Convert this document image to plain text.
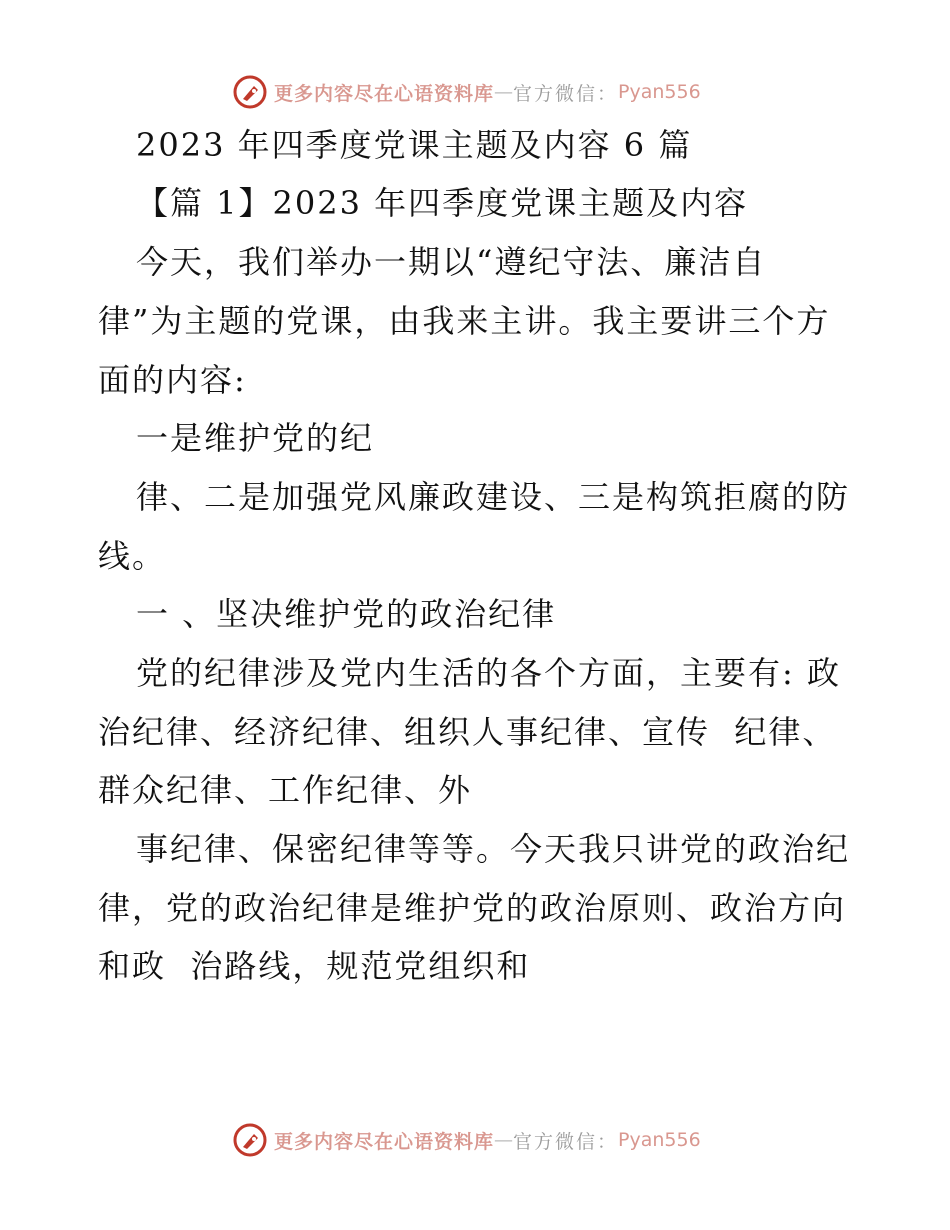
更多内容尽在心语资料库 — 官方微信： Pyan556
2023 年四季度党课主题及内容 6 篇
【篇 1】2023 年四季度党课主题及内容
今天，我们举办一期以“遵纪守法、廉洁自
律”为主题的党课，由我来主讲。我主要讲三个方
面的内容:
一是维护党的纪
律、二是加强党风廉政建设、三是构筑拒腐的防
线。
一 、坚决维护党的政治纪律
党的纪律涉及党内生活的各个方面，主要有: 政
治纪律、经济纪律、组织人事纪律、宣传  纪律、
群众纪律、工作纪律、外
事纪律、保密纪律等等。今天我只讲党的政治纪
律，党的政治纪律是维护党的政治原则、政治方向
和政  治路线，规范党组织和
更多内容尽在心语资料库 — 官方微信： Pyan556
